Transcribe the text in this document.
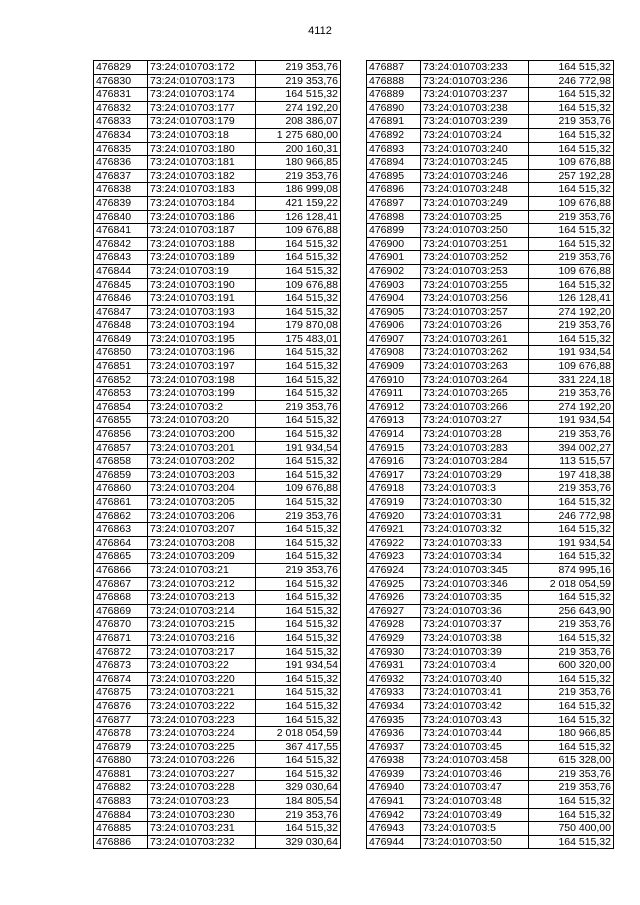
4112
476829	73:24:010703:172	219 353,76
476830	73:24:010703:173	219 353,76
476831	73:24:010703:174	164 515,32
476832	73:24:010703:177	274 192,20
476833	73:24:010703:179	208 386,07
476834	73:24:010703:18	1 275 680,00
476835	73:24:010703:180	200 160,31
476836	73:24:010703:181	180 966,85
476837	73:24:010703:182	219 353,76
476838	73:24:010703:183	186 999,08
476839	73:24:010703:184	421 159,22
476840	73:24:010703:186	126 128,41
476841	73:24:010703:187	109 676,88
476842	73:24:010703:188	164 515,32
476843	73:24:010703:189	164 515,32
476844	73:24:010703:19	164 515,32
476845	73:24:010703:190	109 676,88
476846	73:24:010703:191	164 515,32
476847	73:24:010703:193	164 515,32
476848	73:24:010703:194	179 870,08
476849	73:24:010703:195	175 483,01
476850	73:24:010703:196	164 515,32
476851	73:24:010703:197	164 515,32
476852	73:24:010703:198	164 515,32
476853	73:24:010703:199	164 515,32
476854	73:24:010703:2	219 353,76
476855	73:24:010703:20	164 515,32
476856	73:24:010703:200	164 515,32
476857	73:24:010703:201	191 934,54
476858	73:24:010703:202	164 515,32
476859	73:24:010703:203	164 515,32
476860	73:24:010703:204	109 676,88
476861	73:24:010703:205	164 515,32
476862	73:24:010703:206	219 353,76
476863	73:24:010703:207	164 515,32
476864	73:24:010703:208	164 515,32
476865	73:24:010703:209	164 515,32
476866	73:24:010703:21	219 353,76
476867	73:24:010703:212	164 515,32
476868	73:24:010703:213	164 515,32
476869	73:24:010703:214	164 515,32
476870	73:24:010703:215	164 515,32
476871	73:24:010703:216	164 515,32
476872	73:24:010703:217	164 515,32
476873	73:24:010703:22	191 934,54
476874	73:24:010703:220	164 515,32
476875	73:24:010703:221	164 515,32
476876	73:24:010703:222	164 515,32
476877	73:24:010703:223	164 515,32
476878	73:24:010703:224	2 018 054,59
476879	73:24:010703:225	367 417,55
476880	73:24:010703:226	164 515,32
476881	73:24:010703:227	164 515,32
476882	73:24:010703:228	329 030,64
476883	73:24:010703:23	184 805,54
476884	73:24:010703:230	219 353,76
476885	73:24:010703:231	164 515,32
476886	73:24:010703:232	329 030,64
476887	73:24:010703:233	164 515,32
476888	73:24:010703:236	246 772,98
476889	73:24:010703:237	164 515,32
476890	73:24:010703:238	164 515,32
476891	73:24:010703:239	219 353,76
476892	73:24:010703:24	164 515,32
476893	73:24:010703:240	164 515,32
476894	73:24:010703:245	109 676,88
476895	73:24:010703:246	257 192,28
476896	73:24:010703:248	164 515,32
476897	73:24:010703:249	109 676,88
476898	73:24:010703:25	219 353,76
476899	73:24:010703:250	164 515,32
476900	73:24:010703:251	164 515,32
476901	73:24:010703:252	219 353,76
476902	73:24:010703:253	109 676,88
476903	73:24:010703:255	164 515,32
476904	73:24:010703:256	126 128,41
476905	73:24:010703:257	274 192,20
476906	73:24:010703:26	219 353,76
476907	73:24:010703:261	164 515,32
476908	73:24:010703:262	191 934,54
476909	73:24:010703:263	109 676,88
476910	73:24:010703:264	331 224,18
476911	73:24:010703:265	219 353,76
476912	73:24:010703:266	274 192,20
476913	73:24:010703:27	191 934,54
476914	73:24:010703:28	219 353,76
476915	73:24:010703:283	394 002,27
476916	73:24:010703:284	113 515,57
476917	73:24:010703:29	197 418,38
476918	73:24:010703:3	219 353,76
476919	73:24:010703:30	164 515,32
476920	73:24:010703:31	246 772,98
476921	73:24:010703:32	164 515,32
476922	73:24:010703:33	191 934,54
476923	73:24:010703:34	164 515,32
476924	73:24:010703:345	874 995,16
476925	73:24:010703:346	2 018 054,59
476926	73:24:010703:35	164 515,32
476927	73:24:010703:36	256 643,90
476928	73:24:010703:37	219 353,76
476929	73:24:010703:38	164 515,32
476930	73:24:010703:39	219 353,76
476931	73:24:010703:4	600 320,00
476932	73:24:010703:40	164 515,32
476933	73:24:010703:41	219 353,76
476934	73:24:010703:42	164 515,32
476935	73:24:010703:43	164 515,32
476936	73:24:010703:44	180 966,85
476937	73:24:010703:45	164 515,32
476938	73:24:010703:458	615 328,00
476939	73:24:010703:46	219 353,76
476940	73:24:010703:47	219 353,76
476941	73:24:010703:48	164 515,32
476942	73:24:010703:49	164 515,32
476943	73:24:010703:5	750 400,00
476944	73:24:010703:50	164 515,32
